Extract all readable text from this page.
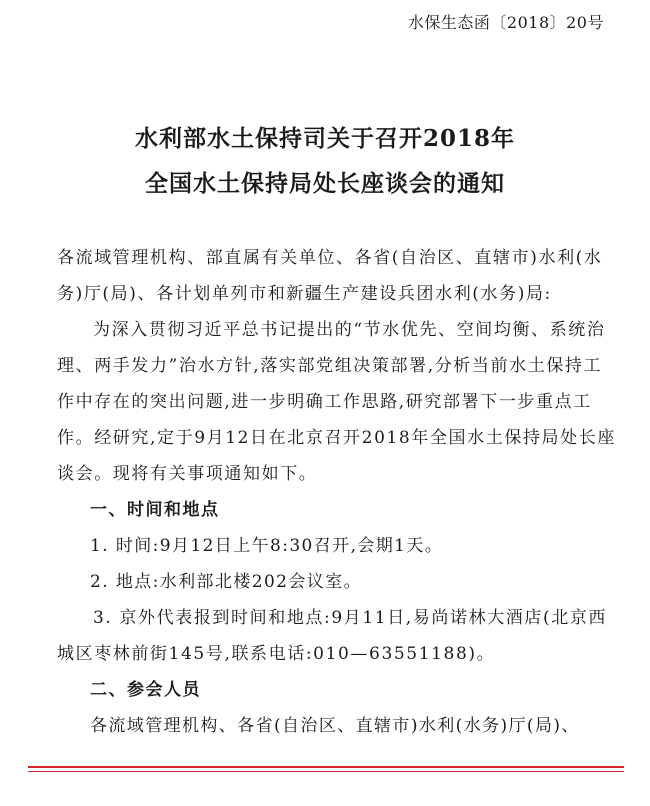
水保生态函〔2018〕20号
水利部水土保持司关于召开2018年
全国水土保持局处长座谈会的通知
各流域管理机构、部直属有关单位、各省(自治区、直辖市)水利(水务)厅(局)、各计划单列市和新疆生产建设兵团水利(水务)局:
为深入贯彻习近平总书记提出的“节水优先、空间均衡、系统治理、两手发力”治水方针,落实部党组决策部署,分析当前水土保持工作中存在的突出问题,进一步明确工作思路,研究部署下一步重点工作。经研究,定于9月12日在北京召开2018年全国水土保持局处长座谈会。现将有关事项通知如下。
一、时间和地点
1. 时间:9月12日上午8:30召开,会期1天。
2. 地点:水利部北楼202会议室。
3. 京外代表报到时间和地点:9月11日,易尚诺林大酒店(北京西城区枣林前街145号,联系电话:010—63551188)。
二、参会人员
各流域管理机构、各省(自治区、直辖市)水利(水务)厅(局)、
